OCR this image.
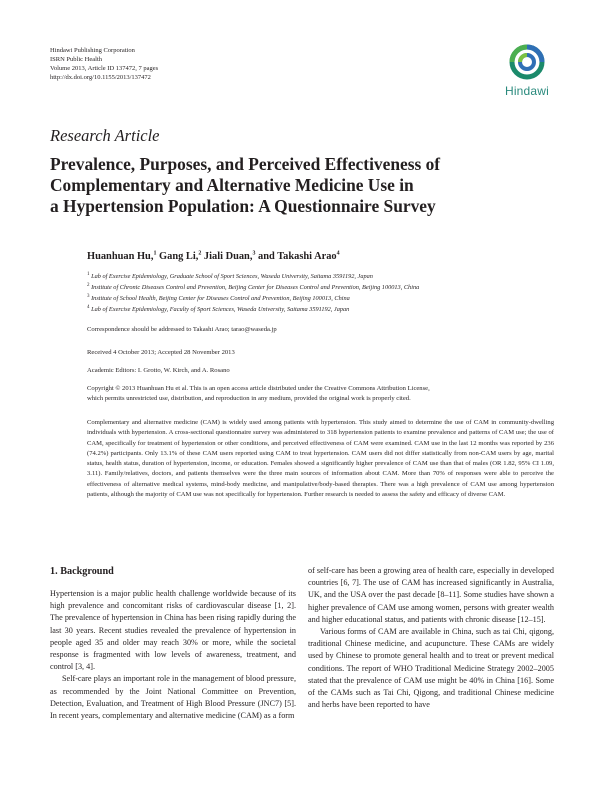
Hindawi Publishing Corporation
ISRN Public Health
Volume 2013, Article ID 137472, 7 pages
http://dx.doi.org/10.1155/2013/137472
Hindawi
Research Article
Prevalence, Purposes, and Perceived Effectiveness of
Complementary and Alternative Medicine Use in
a Hypertension Population: A Questionnaire Survey
Huanhuan Hu,$^1$ Gang Li,$^2$ Jiali Duan,$^3$ and Takashi Arao$^4$
$^1$ Lab of Exercise Epidemiology, Graduate School of Sport Sciences, Waseda University, Saitama 3591192, Japan
$^2$ Institute of Chronic Diseases Control and Prevention, Beijing Center for Diseases Control and Prevention, Beijing 100013, China
$^3$ Institute of School Health, Beijing Center for Diseases Control and Prevention, Beijing 100013, China
$^4$ Lab of Exercise Epidemiology, Faculty of Sport Sciences, Waseda University, Saitama 3591192, Japan
Correspondence should be addressed to Takashi Arao; tarao@waseda.jp
Received 4 October 2013; Accepted 28 November 2013
Academic Editors: I. Grotto, W. Kirch, and A. Rosano
Copyright © 2013 Huanhuan Hu et al. This is an open access article distributed under the Creative Commons Attribution License,
which permits unrestricted use, distribution, and reproduction in any medium, provided the original work is properly cited.
Complementary and alternative medicine (CAM) is widely used among patients with hypertension. This study aimed to determine the use of CAM in community-dwelling individuals with hypertension. A cross-sectional questionnaire survey was administered to 318 hypertension patients to examine prevalence and patterns of CAM use; the use of CAM, specifically for treatment of hypertension or other conditions, and perceived effectiveness of CAM were examined. CAM use in the last 12 months was reported by 236 (74.2%) participants. Only 13.1% of these CAM users reported using CAM to treat hypertension. CAM users did not differ statistically from non-CAM users by age, marital status, health status, duration of hypertension, income, or education. Females showed a significantly higher prevalence of CAM use than that of males (OR 1.82, 95% CI 1.09, 3.11). Family/relatives, doctors, and patients themselves were the three main sources of information about CAM. More than 70% of responses were able to perceive the effectiveness of alternative medical systems, mind-body medicine, and manipulative/body-based therapies. There was a high prevalence of CAM use among hypertension patients, although the majority of CAM use was not specifically for hypertension. Further research is needed to assess the safety and efficacy of diverse CAM.
1. Background

Hypertension is a major public health challenge worldwide because of its high prevalence and concomitant risks of cardiovascular disease [1, 2]. The prevalence of hypertension in China has been rising rapidly during the last 30 years. Recent studies revealed the prevalence of hypertension in people aged 35 and older may reach 30% or more, while the societal response is fragmented with low levels of awareness, treatment, and control [3, 4].

Self-care plays an important role in the management of blood pressure, as recommended by the Joint National Committee on Prevention, Detection, Evaluation, and Treatment of High Blood Pressure (JNC7) [5]. In recent years, complementary and alternative medicine (CAM) as a form

of self-care has been a growing area of health care, especially in developed countries [6, 7]. The use of CAM has increased significantly in Australia, UK, and the USA over the past decade [8–11]. Some studies have shown a higher prevalence of CAM use among women, persons with greater wealth and higher educational status, and patients with chronic disease [12–15].

Various forms of CAM are available in China, such as tai Chi, qigong, traditional Chinese medicine, and acupuncture. These CAMs are widely used by Chinese to promote general health and to treat or prevent medical conditions. The report of WHO Traditional Medicine Strategy 2002–2005 stated that the prevalence of CAM use might be 40% in China [16]. Some of the CAMs such as Tai Chi, Qigong, and traditional Chinese medicine and herbs have been reported to have
